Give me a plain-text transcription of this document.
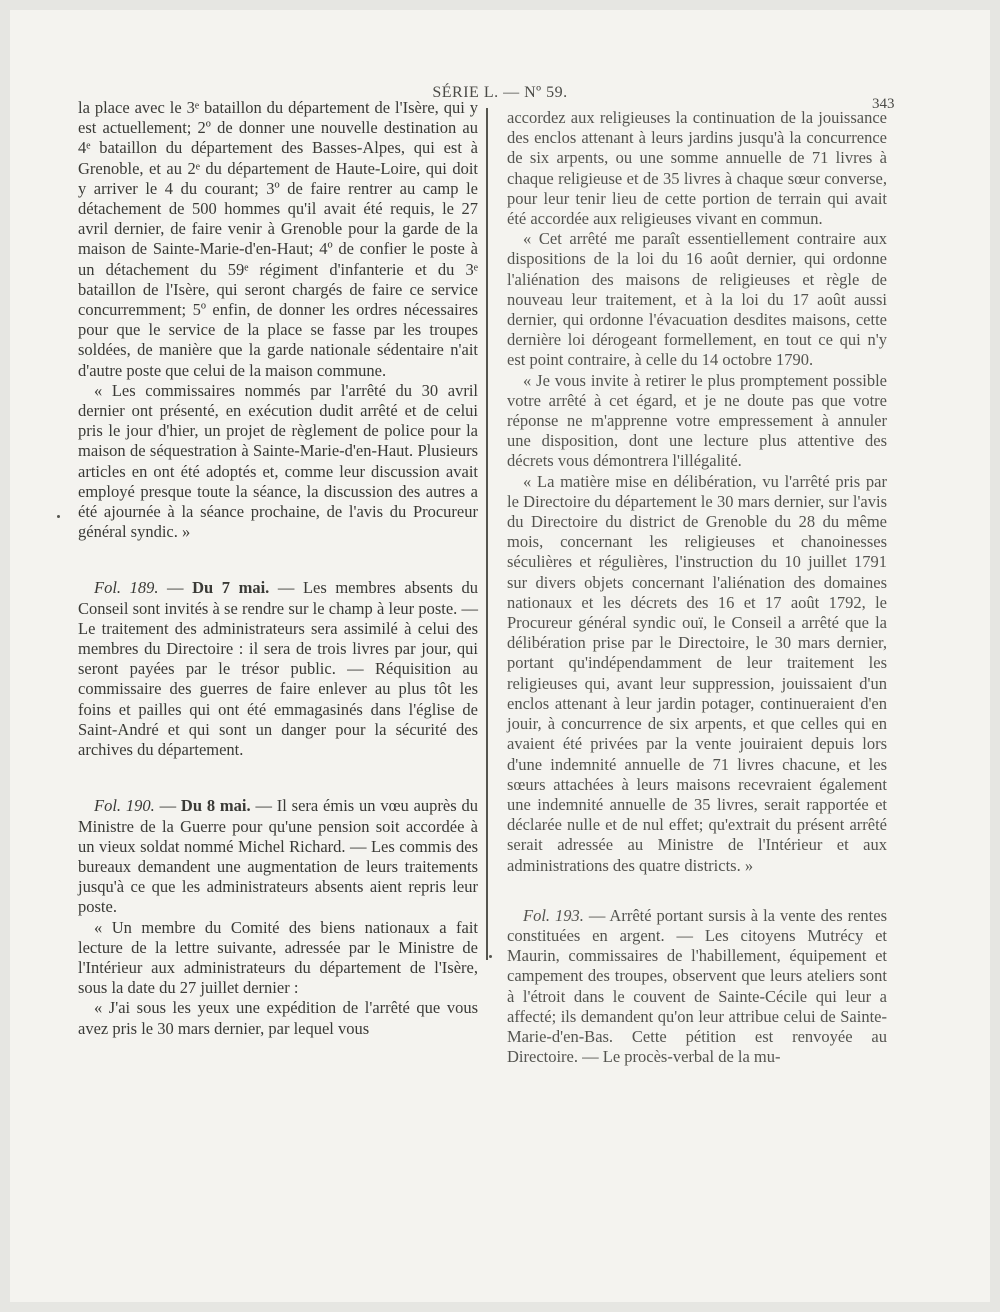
SÉRIE L. — Nº 59.
343

la place avec le 3ᵉ bataillon du département de l'Isère, qui y est actuellement; 2º de donner une nouvelle destination au 4ᵉ bataillon du département des Basses-Alpes, qui est à Grenoble, et au 2ᵉ du département de Haute-Loire, qui doit y arriver le 4 du courant; 3º de faire rentrer au camp le détachement de 500 hommes qu'il avait été requis, le 27 avril dernier, de faire venir à Grenoble pour la garde de la maison de Sainte-Marie-d'en-Haut; 4º de confier le poste à un détachement du 59ᵉ régiment d'infanterie et du 3ᵉ bataillon de l'Isère, qui seront chargés de faire ce service concurremment; 5º enfin, de donner les ordres nécessaires pour que le service de la place se fasse par les troupes soldées, de manière que la garde nationale sédentaire n'ait d'autre poste que celui de la maison commune.

« Les commissaires nommés par l'arrêté du 30 avril dernier ont présenté, en exécution dudit arrêté et de celui pris le jour d'hier, un projet de règlement de police pour la maison de séquestration à Sainte-Marie-d'en-Haut. Plusieurs articles en ont été adoptés et, comme leur discussion avait employé presque toute la séance, la discussion des autres a été ajournée à la séance prochaine, de l'avis du Procureur général syndic. »

Fol. 189. — Du 7 mai. — Les membres absents du Conseil sont invités à se rendre sur le champ à leur poste. — Le traitement des administrateurs sera assimilé à celui des membres du Directoire : il sera de trois livres par jour, qui seront payées par le trésor public. — Réquisition au commissaire des guerres de faire enlever au plus tôt les foins et pailles qui ont été emmagasinés dans l'église de Saint-André et qui sont un danger pour la sécurité des archives du département.

Fol. 190. — Du 8 mai. — Il sera émis un vœu auprès du Ministre de la Guerre pour qu'une pension soit accordée à un vieux soldat nommé Michel Richard. — Les commis des bureaux demandent une augmentation de leurs traitements jusqu'à ce que les administrateurs absents aient repris leur poste.

« Un membre du Comité des biens nationaux a fait lecture de la lettre suivante, adressée par le Ministre de l'Intérieur aux administrateurs du département de l'Isère, sous la date du 27 juillet dernier :

« J'ai sous les yeux une expédition de l'arrêté que vous avez pris le 30 mars dernier, par lequel vous

accordez aux religieuses la continuation de la jouissance des enclos attenant à leurs jardins jusqu'à la concurrence de six arpents, ou une somme annuelle de 71 livres à chaque religieuse et de 35 livres à chaque sœur converse, pour leur tenir lieu de cette portion de terrain qui avait été accordée aux religieuses vivant en commun.

« Cet arrêté me paraît essentiellement contraire aux dispositions de la loi du 16 août dernier, qui ordonne l'aliénation des maisons de religieuses et règle de nouveau leur traitement, et à la loi du 17 août aussi dernier, qui ordonne l'évacuation desdites maisons, cette dernière loi dérogeant formellement, en tout ce qui n'y est point contraire, à celle du 14 octobre 1790.

« Je vous invite à retirer le plus promptement possible votre arrêté à cet égard, et je ne doute pas que votre réponse ne m'apprenne votre empressement à annuler une disposition, dont une lecture plus attentive des décrets vous démontrera l'illégalité.

« La matière mise en délibération, vu l'arrêté pris par le Directoire du département le 30 mars dernier, sur l'avis du Directoire du district de Grenoble du 28 du même mois, concernant les religieuses et chanoinesses séculières et régulières, l'instruction du 10 juillet 1791 sur divers objets concernant l'aliénation des domaines nationaux et les décrets des 16 et 17 août 1792, le Procureur général syndic ouï, le Conseil a arrêté que la délibération prise par le Directoire, le 30 mars dernier, portant qu'indépendamment de leur traitement les religieuses qui, avant leur suppression, jouissaient d'un enclos attenant à leur jardin potager, continueraient d'en jouir, à concurrence de six arpents, et que celles qui en avaient été privées par la vente jouiraient depuis lors d'une indemnité annuelle de 71 livres chacune, et les sœurs attachées à leurs maisons recevraient également une indemnité annuelle de 35 livres, serait rapportée et déclarée nulle et de nul effet; qu'extrait du présent arrêté serait adressée au Ministre de l'Intérieur et aux administrations des quatre districts. »

Fol. 193. — Arrêté portant sursis à la vente des rentes constituées en argent. — Les citoyens Mutrécy et Maurin, commissaires de l'habillement, équipement et campement des troupes, observent que leurs ateliers sont à l'étroit dans le couvent de Sainte-Cécile qui leur a affecté; ils demandent qu'on leur attribue celui de Sainte-Marie-d'en-Bas. Cette pétition est renvoyée au Directoire. — Le procès-verbal de la mu-
